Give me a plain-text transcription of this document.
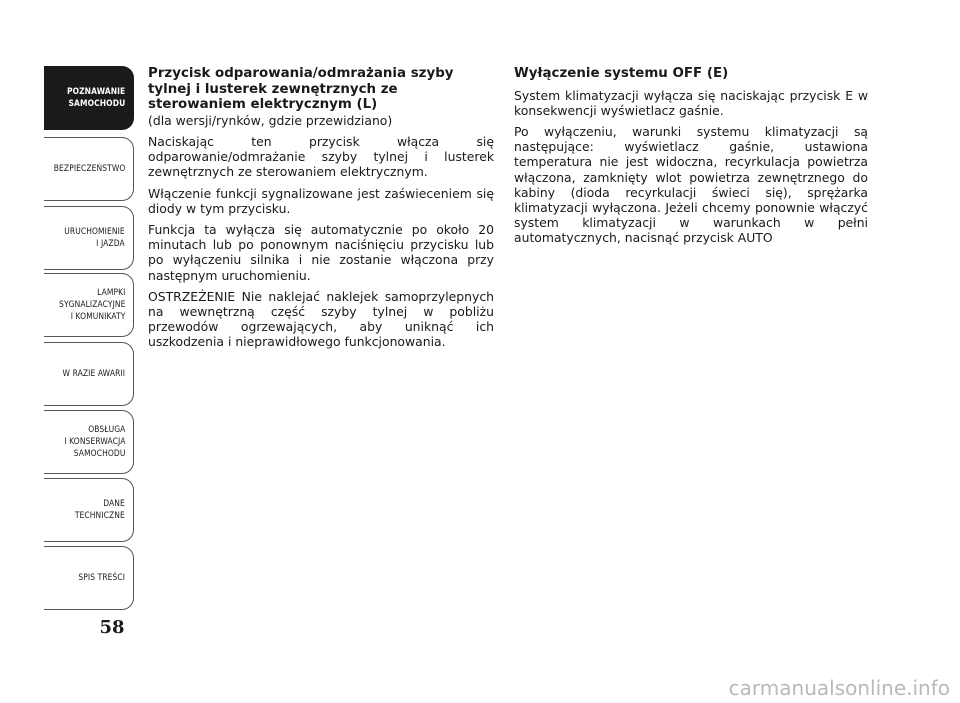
POZNAWANIE
SAMOCHODU
BEZPIECZEŃSTWO
URUCHOMIENIE
I JAZDA
LAMPKI
SYGNALIZACYJNE
I KOMUNIKATY
W RAZIE AWARII
OBSŁUGA
I KONSERWACJA
SAMOCHODU
DANE
TECHNICZNE
SPIS TREŚCI
58

Przycisk odparowania/odmrażania szyby tylnej i lusterek zewnętrznych ze sterowaniem elektrycznym (L)

(dla wersji/rynków, gdzie przewidziano)

Naciskając ten przycisk włącza się odparowanie/odmrażanie szyby tylnej i lusterek zewnętrznych ze sterowaniem elektrycznym.

Włączenie funkcji sygnalizowane jest zaświeceniem się diody w tym przycisku.

Funkcja ta wyłącza się automatycznie po około 20 minutach lub po ponownym naciśnięciu przycisku lub po wyłączeniu silnika i nie zostanie włączona przy następnym uruchomieniu.

OSTRZEŻENIE Nie naklejać naklejek samoprzylepnych na wewnętrzną część szyby tylnej w pobliżu przewodów ogrzewających, aby uniknąć ich uszkodzenia i nieprawidłowego funkcjonowania.

Wyłączenie systemu OFF (E)

System klimatyzacji wyłącza się naciskając przycisk E w konsekwencji wyświetlacz gaśnie.

Po wyłączeniu, warunki systemu klimatyzacji są następujące: wyświetlacz gaśnie, ustawiona temperatura nie jest widoczna, recyrkulacja powietrza włączona, zamknięty wlot powietrza zewnętrznego do kabiny (dioda recyrkulacji świeci się), sprężarka klimatyzacji wyłączona. Jeżeli chcemy ponownie włączyć system klimatyzacji w warunkach w pełni automatycznych, nacisnąć przycisk AUTO

carmanualsonline.info
